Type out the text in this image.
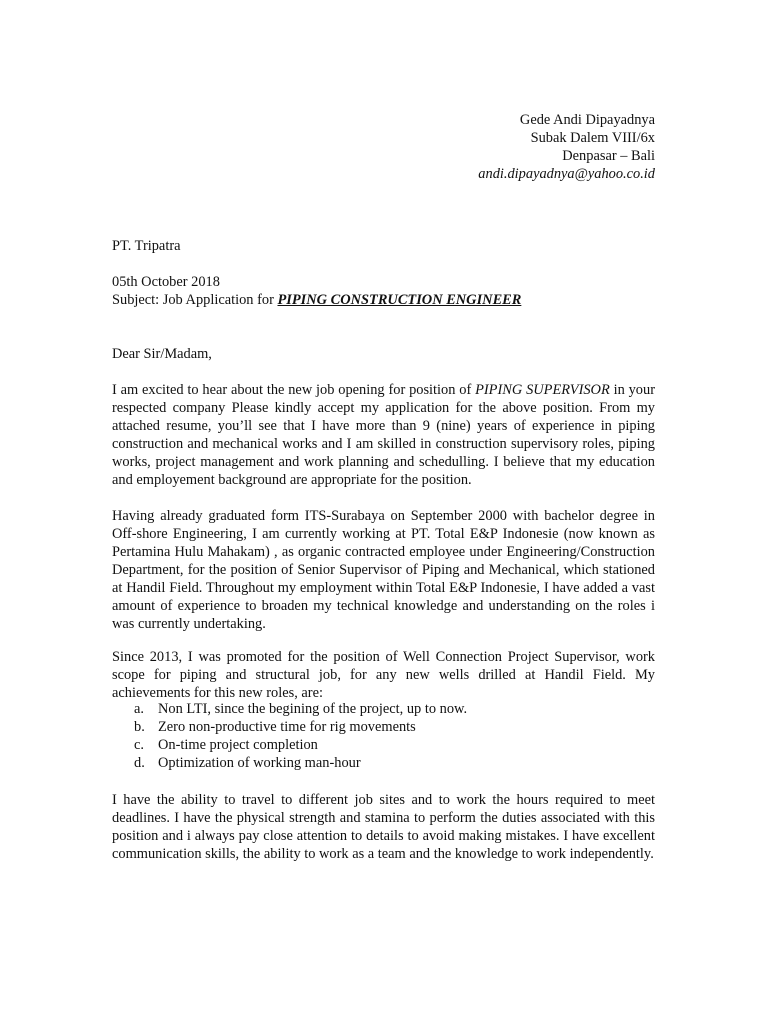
Gede Andi Dipayadnya
Subak Dalem VIII/6x
Denpasar – Bali
andi.dipayadnya@yahoo.co.id
PT. Tripatra
05th October 2018
Subject: Job Application for PIPING CONSTRUCTION ENGINEER
Dear Sir/Madam,
I am excited to hear about the new job opening for position of PIPING SUPERVISOR in your respected company Please kindly accept my application for the above position. From my attached resume, you’ll see that I have more than 9 (nine) years of experience in piping construction and mechanical works and I am skilled in construction supervisory roles, piping works, project management and work planning and schedulling. I believe that my education and employement background are appropriate for the position.
Having already graduated form ITS-Surabaya on September 2000 with bachelor degree in Off-shore Engineering, I am currently working at PT. Total E&P Indonesie (now known as Pertamina Hulu Mahakam) , as organic contracted employee under Engineering/Construction Department, for the position of Senior Supervisor of Piping and Mechanical, which stationed at Handil Field. Throughout my employment within Total E&P Indonesie, I have added a vast amount of experience to broaden my technical knowledge and understanding on the roles i was currently undertaking.
Since 2013, I was promoted for the position of Well Connection Project Supervisor, work scope for piping and structural job, for any new wells drilled at Handil Field. My achievements for this new roles, are:
a. Non LTI, since the begining of the project, up to now.
b. Zero non-productive time for rig movements
c. On-time project completion
d. Optimization of working man-hour
I have the ability to travel to different job sites and to work the hours required to meet deadlines. I have the physical strength and stamina to perform the duties associated with this position and i always pay close attention to details to avoid making mistakes. I have excellent communication skills, the ability to work as a team and the knowledge to work independently.
